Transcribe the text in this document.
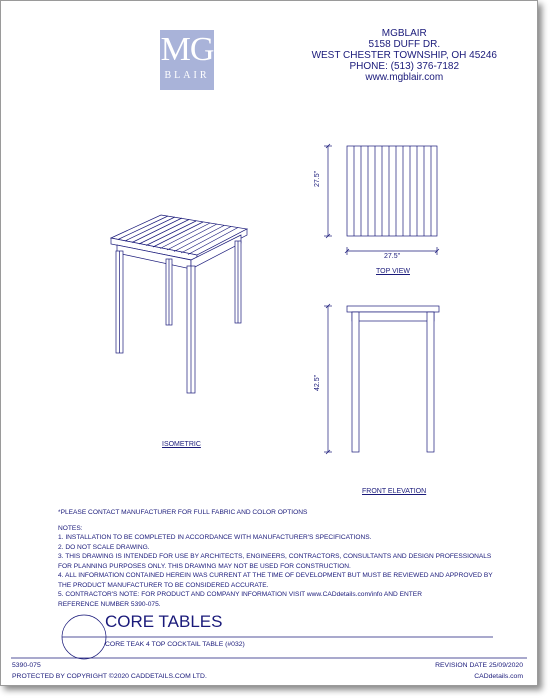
MG
BLAIR
MGBLAIR
5158 DUFF DR.
WEST CHESTER TOWNSHIP, OH 45246
PHONE: (513) 376-7182
www.mgblair.com
ISOMETRIC
TOP VIEW
FRONT ELEVATION
27.5"
27.5"
42.5"
*PLEASE CONTACT MANUFACTURER FOR FULL FABRIC AND COLOR OPTIONS
NOTES:
1. INSTALLATION TO BE COMPLETED IN ACCORDANCE WITH MANUFACTURER'S SPECIFICATIONS.
2. DO NOT SCALE DRAWING.
3. THIS DRAWING IS INTENDED FOR USE BY ARCHITECTS, ENGINEERS, CONTRACTORS, CONSULTANTS AND DESIGN PROFESSIONALS
FOR PLANNING PURPOSES ONLY. THIS DRAWING MAY NOT BE USED FOR CONSTRUCTION.
4. ALL INFORMATION CONTAINED HEREIN WAS CURRENT AT THE TIME OF DEVELOPMENT BUT MUST BE REVIEWED AND APPROVED BY
THE PRODUCT MANUFACTURER TO BE CONSIDERED ACCURATE.
5. CONTRACTOR'S NOTE: FOR PRODUCT AND COMPANY INFORMATION VISIT www.CADdetails.com/info AND ENTER
REFERENCE NUMBER 5390-075.
CORE TABLES
CORE TEAK 4 TOP COCKTAIL TABLE (#032)
5390-075	REVISION DATE 25/09/2020
PROTECTED BY COPYRIGHT ©2020 CADDETAILS.COM LTD.	CADdetails.com
